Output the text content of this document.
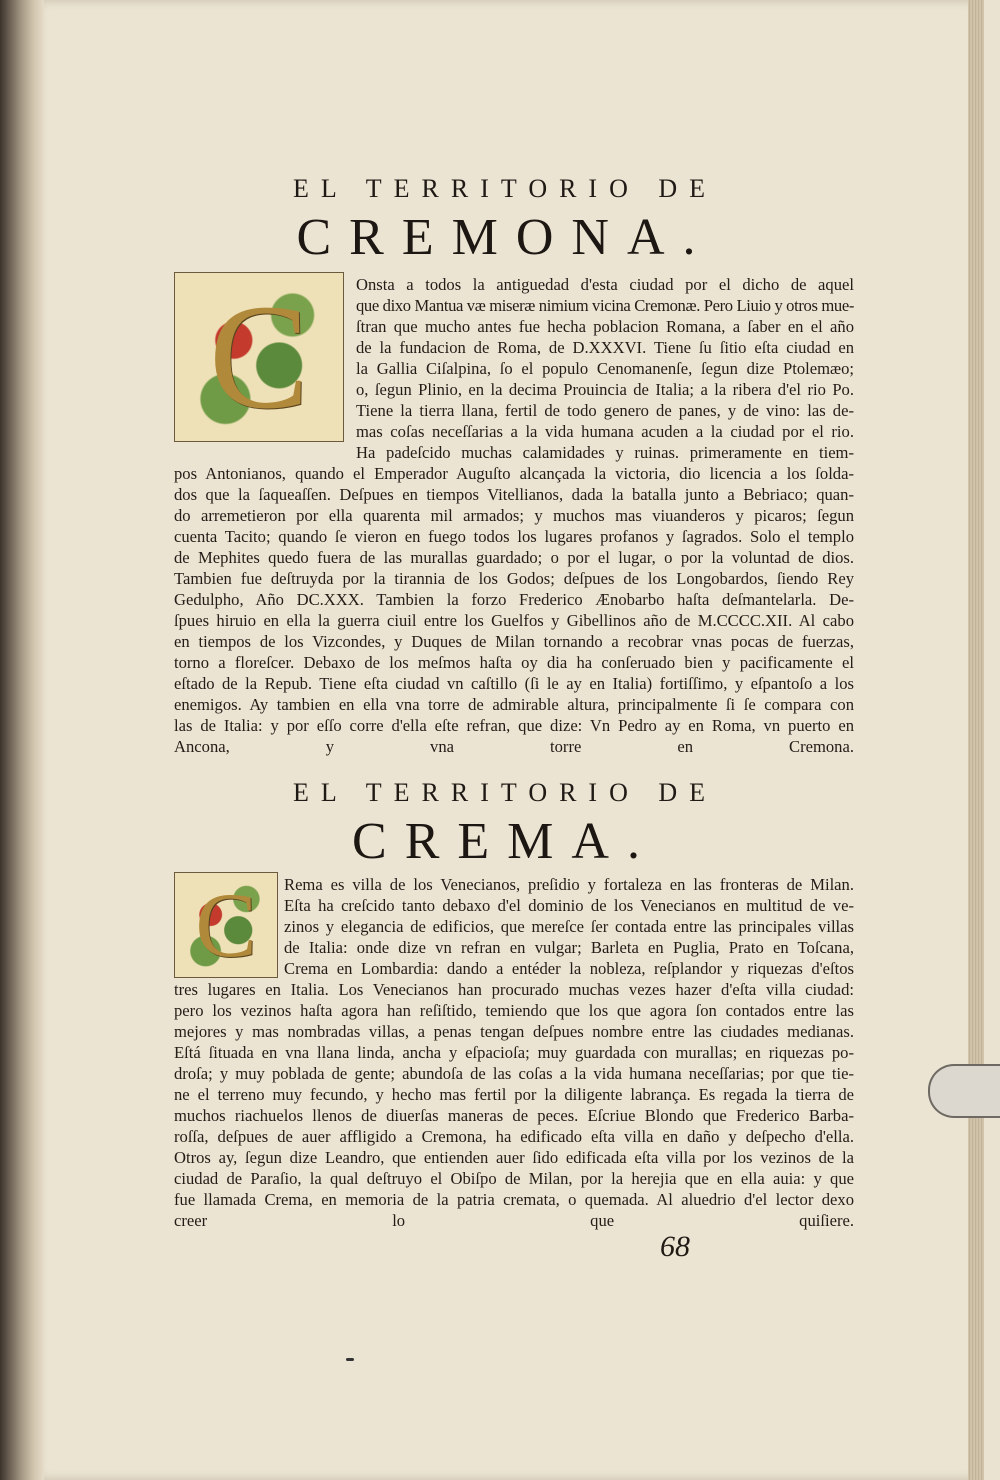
EL TERRITORIO DE
CREMONA.
C	Onsta a todos la antiguedad d'esta ciudad por el dicho de aquel
que dixo Mantua væ miseræ nimium vicina Cremonæ. Pero Liuio y otros mue-
ſtran que mucho antes fue hecha poblacion Romana, a ſaber en el año
de la fundacion de Roma, de D.XXXVI. Tiene ſu ſitio eſta ciudad en
la Gallia Ciſalpina, ſo el populo Cenomanenſe, ſegun dize Ptolemæo;
o, ſegun Plinio, en la decima Prouincia de Italia; a la ribera d'el rio Po.
Tiene la tierra llana, fertil de todo genero de panes, y de vino: las de-
mas coſas neceſſarias a la vida humana acuden a la ciudad por el rio.
Ha padeſcido muchas calamidades y ruinas. primeramente en tiem-
pos Antonianos, quando el Emperador Auguſto alcançada la victoria, dio licencia a los ſolda-
dos que la ſaqueaſſen. Deſpues en tiempos Vitellianos, dada la batalla junto a Bebriaco; quan-
do arremetieron por ella quarenta mil armados; y muchos mas viuanderos y picaros; ſegun
cuenta Tacito; quando ſe vieron en fuego todos los lugares profanos y ſagrados. Solo el templo
de Mephites quedo fuera de las murallas guardado; o por el lugar, o por la voluntad de dios.
Tambien fue deſtruyda por la tirannia de los Godos; deſpues de los Longobardos, ſiendo Rey
Gedulpho, Año DC.XXX. Tambien la forzo Frederico Ænobarbo haſta deſmantelarla. De-
ſpues hiruio en ella la guerra ciuil entre los Guelfos y Gibellinos año de M.CCCC.XII. Al cabo
en tiempos de los Vizcondes, y Duques de Milan tornando a recobrar vnas pocas de fuerzas,
torno a floreſcer. Debaxo de los meſmos haſta oy dia ha conſeruado bien y pacificamente el
eſtado de la Repub. Tiene eſta ciudad vn caſtillo (ſi le ay en Italia) fortiſſimo, y eſpantoſo a los
enemigos. Ay tambien en ella vna torre de admirable altura, principalmente ſi ſe compara con
las de Italia: y por eſſo corre d'ella eſte refran, que dize: Vn Pedro ay en Roma, vn puerto en
Ancona, y vna torre en Cremona.
EL TERRITORIO DE
CREMA.
C	Rema es villa de los Venecianos, preſidio y fortaleza en las fronteras de Milan.
Eſta ha creſcido tanto debaxo d'el dominio de los Venecianos en multitud de ve-
zinos y elegancia de edificios, que mereſce ſer contada entre las principales villas
de Italia: onde dize vn refran en vulgar; Barleta en Puglia, Prato en Toſcana,
Crema en Lombardia: dando a entéder la nobleza, reſplandor y riquezas d'eſtos
tres lugares en Italia. Los Venecianos han procurado muchas vezes hazer d'eſta villa ciudad:
pero los vezinos haſta agora han reſiſtido, temiendo que los que agora ſon contados entre las
mejores y mas nombradas villas, a penas tengan deſpues nombre entre las ciudades medianas.
Eſtá ſituada en vna llana linda, ancha y eſpacioſa; muy guardada con murallas; en riquezas po-
droſa; y muy poblada de gente; abundoſa de las coſas a la vida humana neceſſarias; por que tie-
ne el terreno muy fecundo, y hecho mas fertil por la diligente labrança. Es regada la tierra de
muchos riachuelos llenos de diuerſas maneras de peces. Eſcriue Blondo que Frederico Barba-
roſſa, deſpues de auer affligido a Cremona, ha edificado eſta villa en daño y deſpecho d'ella.
Otros ay, ſegun dize Leandro, que entienden auer ſido edificada eſta villa por los vezinos de la
ciudad de Paraſio, la qual deſtruyo el Obiſpo de Milan, por la herejia que en ella auia: y que
fue llamada Crema, en memoria de la patria cremata, o quemada. Al aluedrio d'el lector dexo
creer lo que quiſiere.
68
